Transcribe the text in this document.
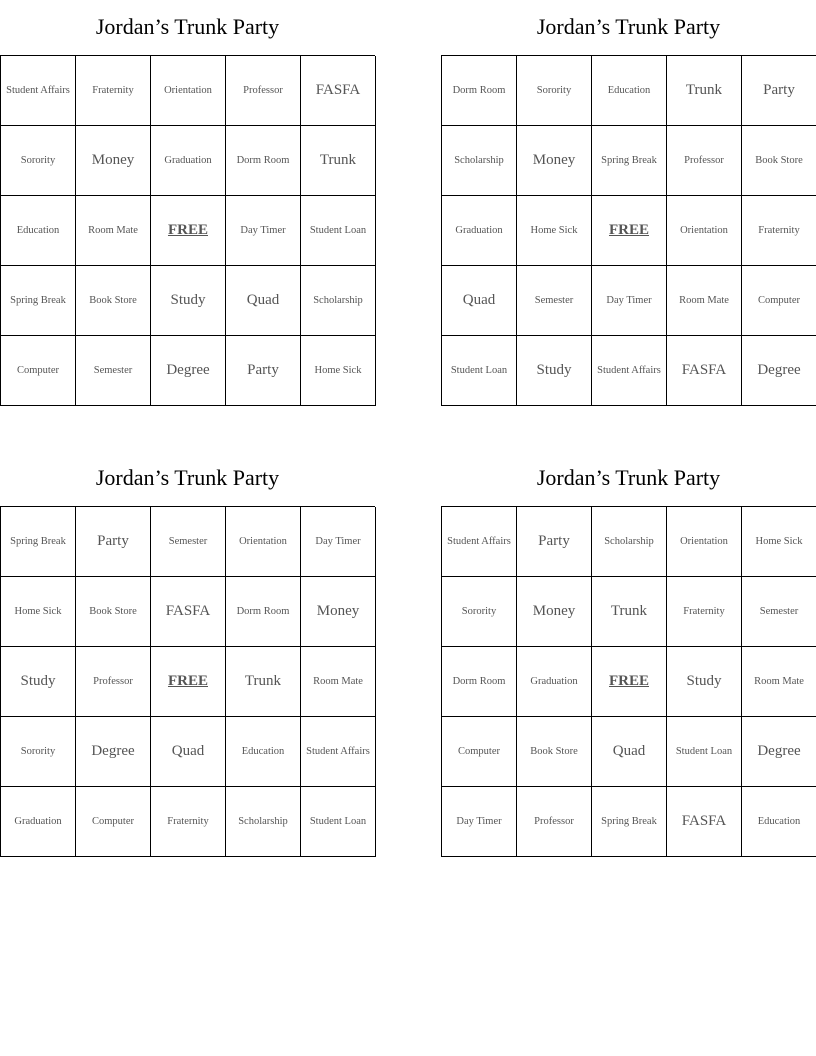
Jordan’s Trunk Party
Student Affairs	Fraternity	Orientation	Professor	FASFA
Sorority	Money	Graduation	Dorm Room	Trunk
Education	Room Mate	FREE	Day Timer	Student Loan
Spring Break	Book Store	Study	Quad	Scholarship
Computer	Semester	Degree	Party	Home Sick
Jordan’s Trunk Party
Dorm Room	Sorority	Education	Trunk	Party
Scholarship	Money	Spring Break	Professor	Book Store
Graduation	Home Sick	FREE	Orientation	Fraternity
Quad	Semester	Day Timer	Room Mate	Computer
Student Loan	Study	Student Affairs	FASFA	Degree
Jordan’s Trunk Party
Spring Break	Party	Semester	Orientation	Day Timer
Home Sick	Book Store	FASFA	Dorm Room	Money
Study	Professor	FREE	Trunk	Room Mate
Sorority	Degree	Quad	Education	Student Affairs
Graduation	Computer	Fraternity	Scholarship	Student Loan
Jordan’s Trunk Party
Student Affairs	Party	Scholarship	Orientation	Home Sick
Sorority	Money	Trunk	Fraternity	Semester
Dorm Room	Graduation	FREE	Study	Room Mate
Computer	Book Store	Quad	Student Loan	Degree
Day Timer	Professor	Spring Break	FASFA	Education
